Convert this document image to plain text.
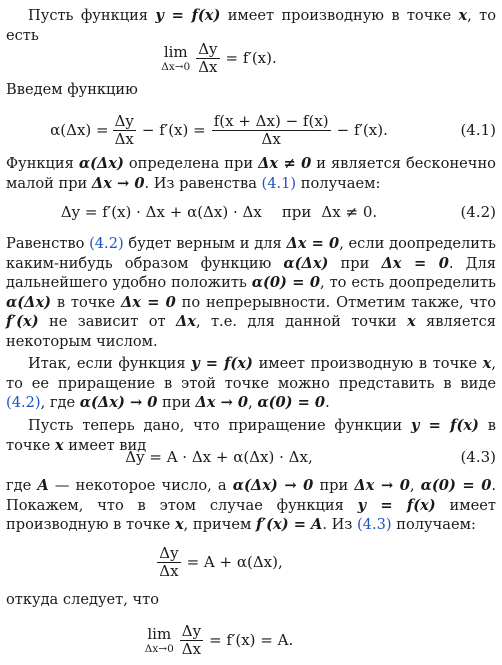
Пусть функция y = f(x) имеет производную в точке x, то есть
lim
$\Delta x\to 0 \frac{\Delta y}{\Delta x} = f'(x)$.
Введем функцию
$\alpha(\Delta x) = \frac{\Delta y}{\Delta x} - f'(x) = \frac{f(x + \Delta x) - f(x)}{\Delta x} - f'(x)$.	(4.1)
Функция α(Δx) определена при Δx ≠ 0 и является бесконечно малой при Δx → 0. Из равенства (4.1) получаем:
Δy = f′(x) · Δx + α(Δx) · Δx при Δx ≠ 0.	(4.2)
Равенство (4.2) будет верным и для Δx = 0, если доопределить каким-нибудь образом функцию α(Δx) при Δx = 0. Для дальнейшего удобно положить α(0) = 0, то есть доопределить α(Δx) в точке Δx = 0 по непрерывности. Отметим также, что f′(x) не зависит от Δx, т.е. для данной точки x является некоторым числом.
Итак, если функция y = f(x) имеет производную в точке x, то ее приращение в этой точке можно представить в виде (4.2), где α(Δx) → 0 при Δx → 0, α(0) = 0.
Пусть теперь дано, что приращение функции y = f(x) в точке x имеет вид
Δy = A · Δx + α(Δx) · Δx,	(4.3)
где A — некоторое число, а α(Δx) → 0 при Δx → 0, α(0) = 0. Покажем, что в этом случае функция y = f(x) имеет производную в точке x, причем f′(x) = A. Из (4.3) получаем:
$\frac{\Delta y}{\Delta x} = A + \alpha(\Delta x)$,
откуда следует, что
lim
$\Delta x\to 0 \frac{\Delta y}{\Delta x} = f'(x) = A$.
